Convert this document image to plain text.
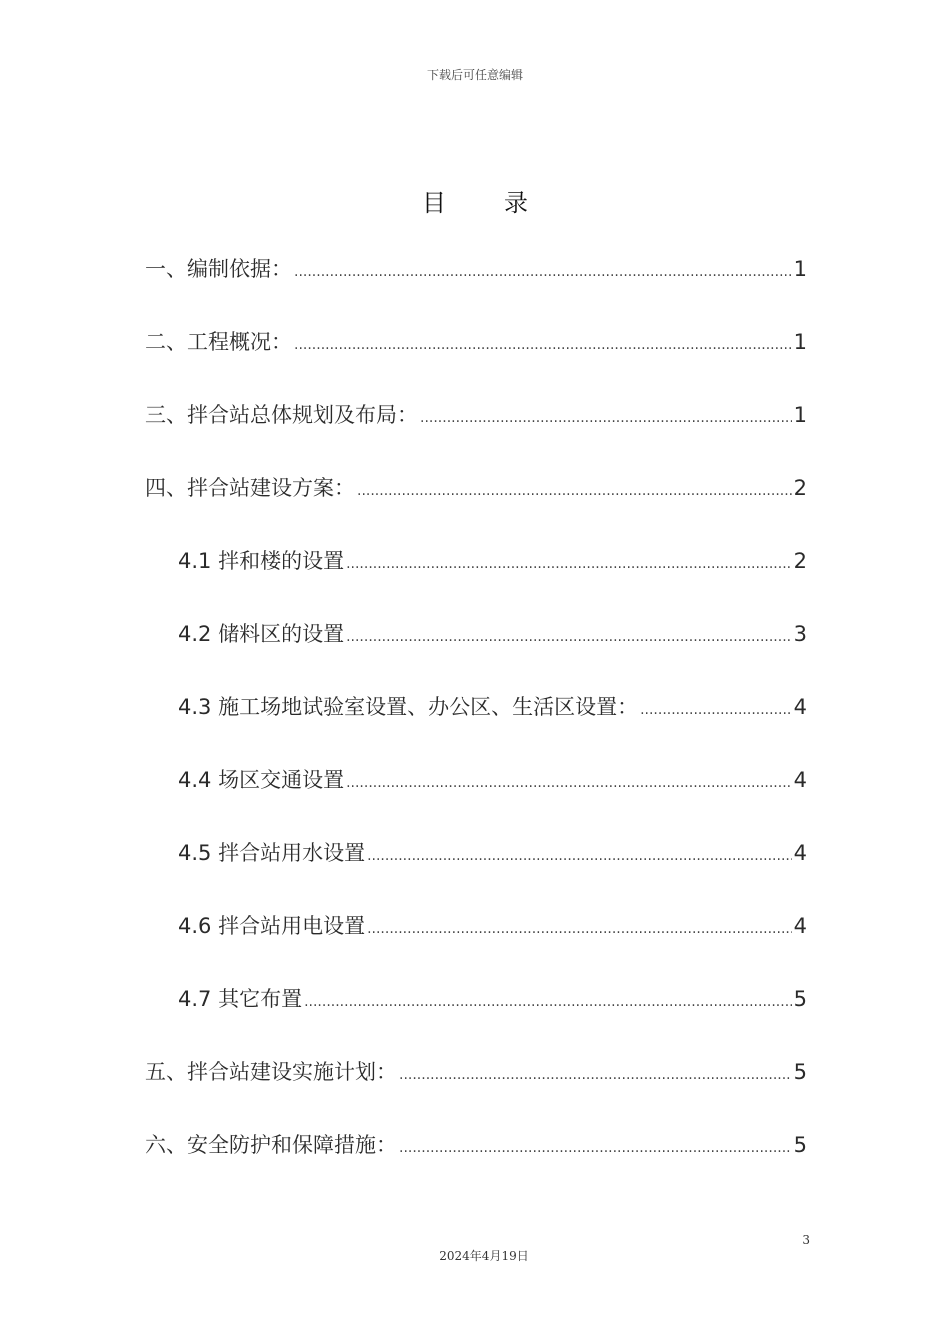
下载后可任意编辑
目录
一、编制依据： .....	1
二、工程概况： .....	1
三、拌合站总体规划及布局： .....	1
四、拌合站建设方案： .....	2
4.1 拌和楼的设置 .....	2
4.2 储料区的设置 .....	3
4.3 施工场地试验室设置、办公区、生活区设置： .....	4
4.4 场区交通设置 .....	4
4.5 拌合站用水设置 .....	4
4.6 拌合站用电设置 .....	4
4.7 其它布置 .....	5
五、拌合站建设实施计划： .....	5
六、安全防护和保障措施： .....	5
3
2024年4月19日
